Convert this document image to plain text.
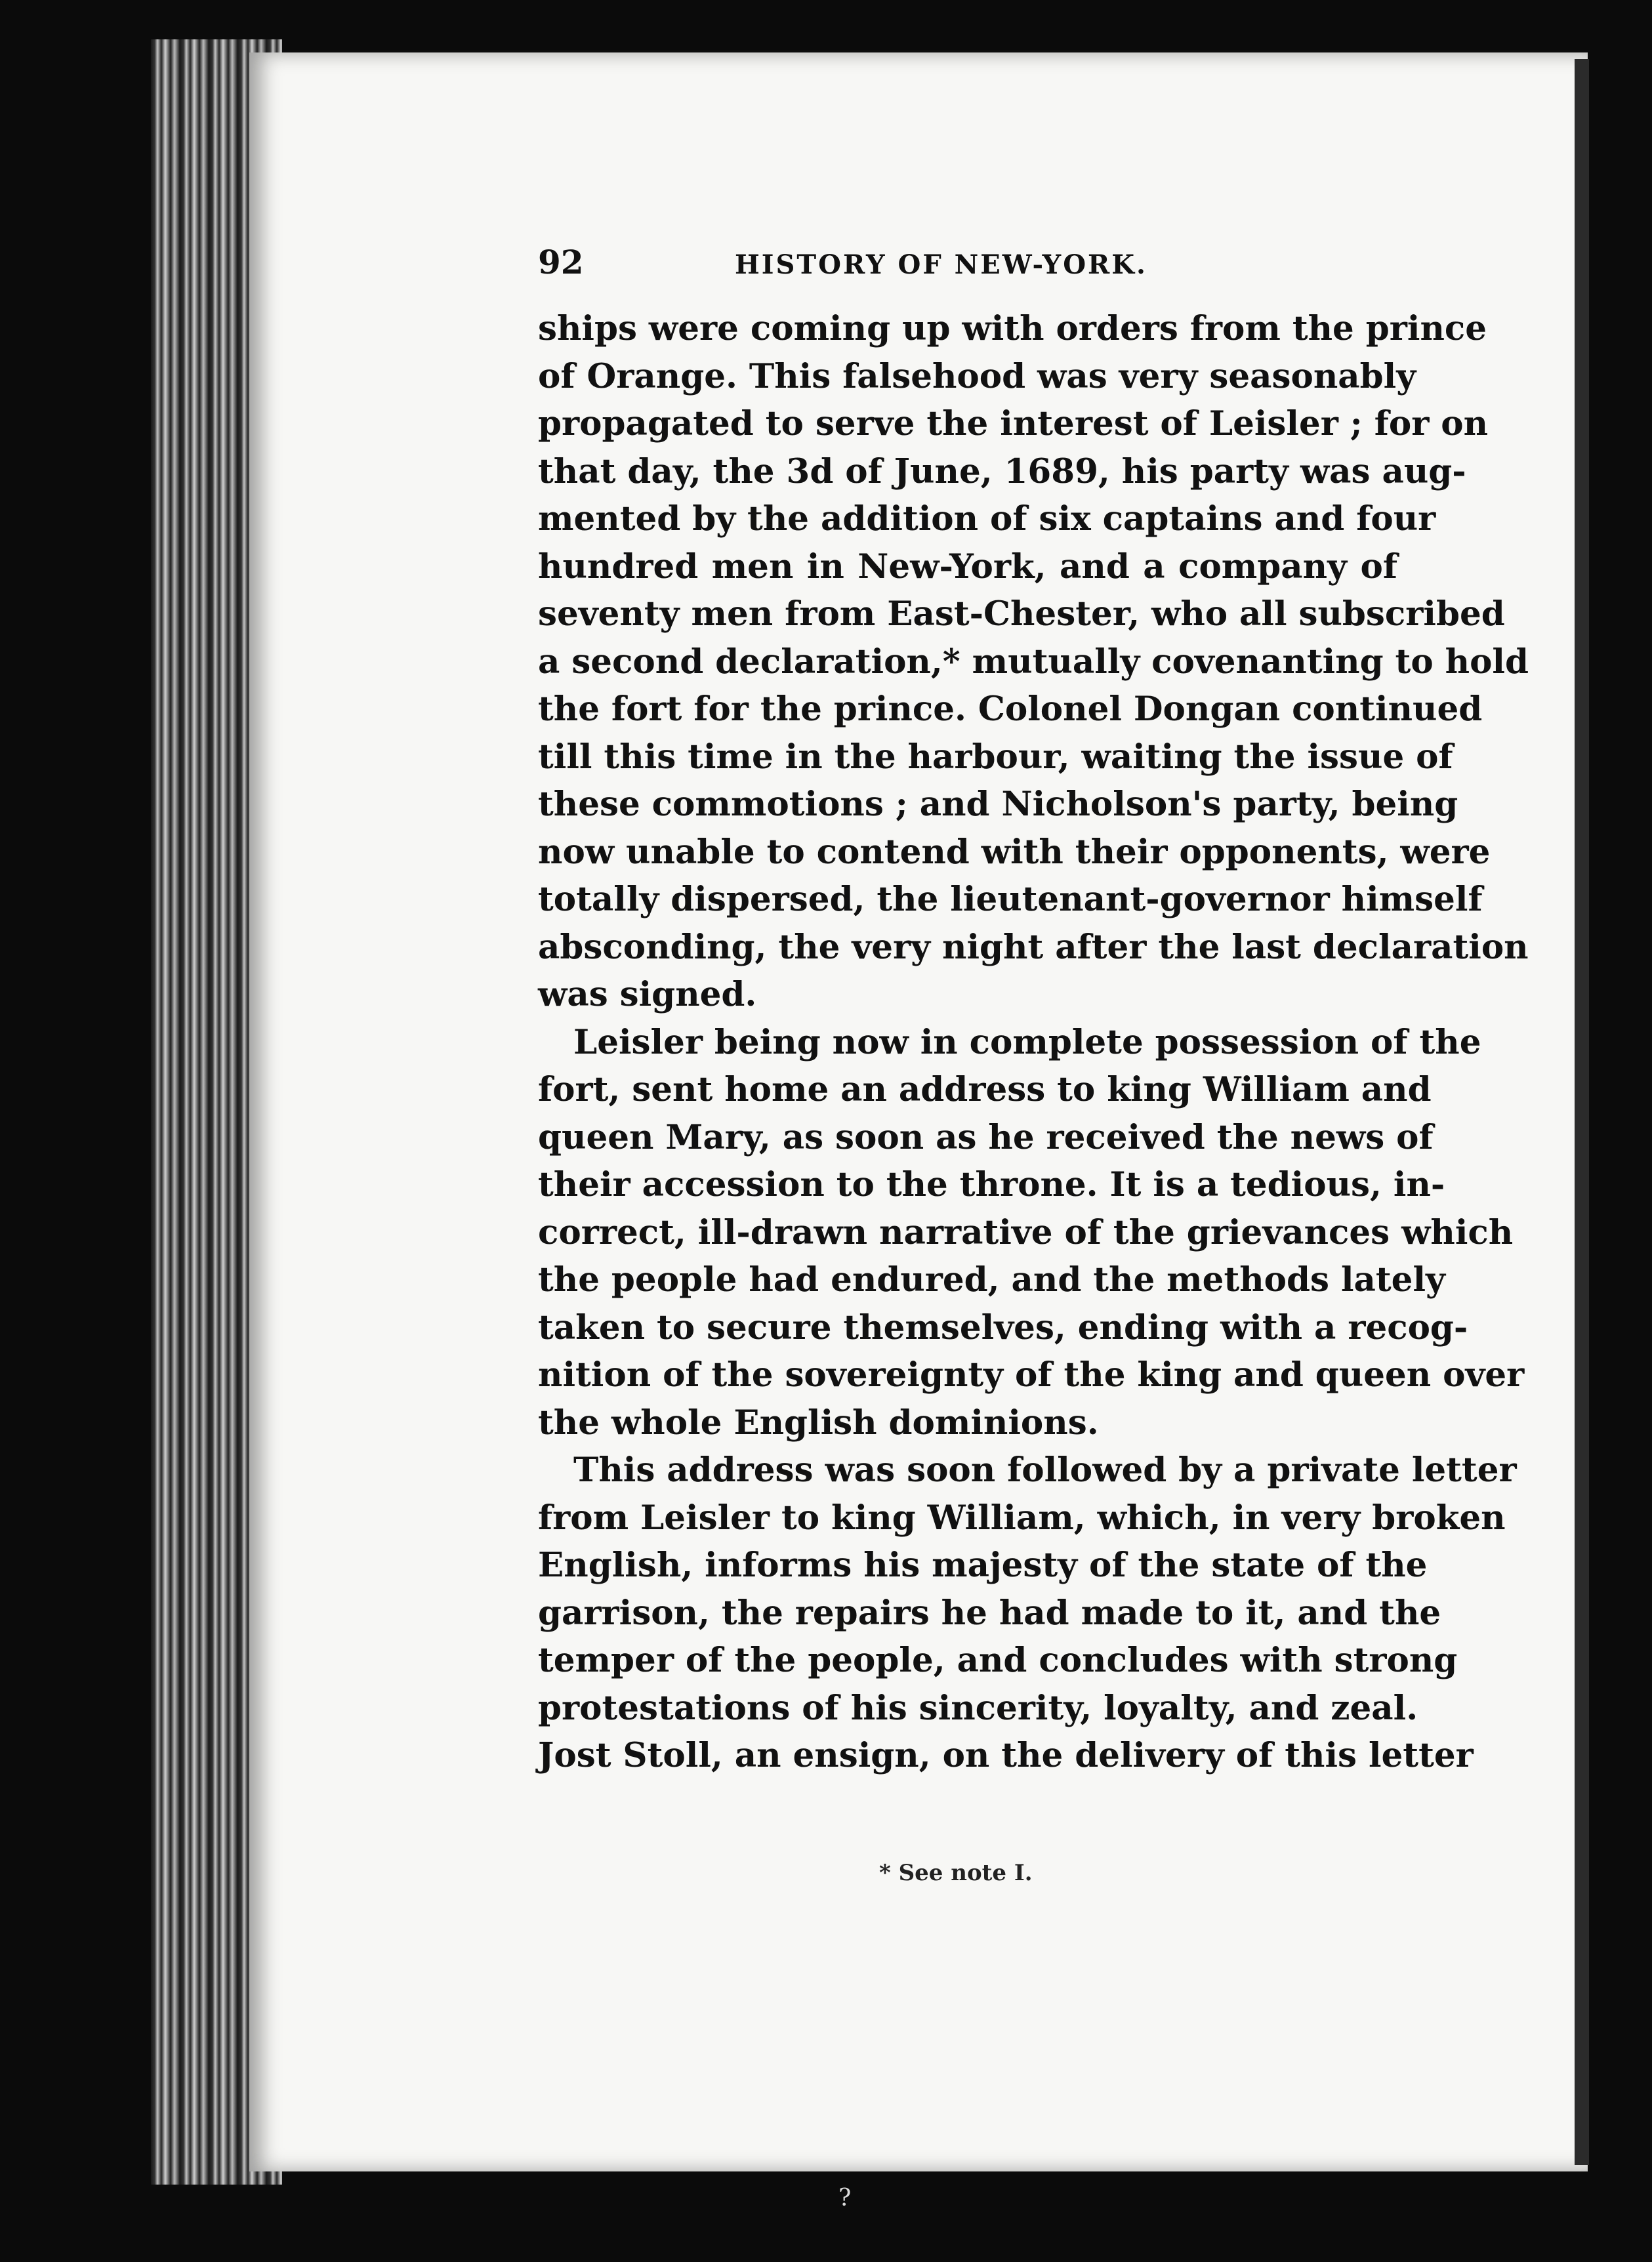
92	HISTORY OF NEW-YORK.
ships were coming up with orders from the prince
of Orange. This falsehood was very seasonably
propagated to serve the interest of Leisler ; for on
that day, the 3d of June, 1689, his party was aug-
mented by the addition of six captains and four
hundred men in New-York, and a company of
seventy men from East-Chester, who all subscribed
a second declaration,* mutually covenanting to hold
the fort for the prince. Colonel Dongan continued
till this time in the harbour, waiting the issue of
these commotions ; and Nicholson's party, being
now unable to contend with their opponents, were
totally dispersed, the lieutenant-governor himself
absconding, the very night after the last declaration
was signed.
Leisler being now in complete possession of the
fort, sent home an address to king William and
queen Mary, as soon as he received the news of
their accession to the throne. It is a tedious, in-
correct, ill-drawn narrative of the grievances which
the people had endured, and the methods lately
taken to secure themselves, ending with a recog-
nition of the sovereignty of the king and queen over
the whole English dominions.
This address was soon followed by a private letter
from Leisler to king William, which, in very broken
English, informs his majesty of the state of the
garrison, the repairs he had made to it, and the
temper of the people, and concludes with strong
protestations of his sincerity, loyalty, and zeal.
Jost Stoll, an ensign, on the delivery of this letter
* See note I.
?
